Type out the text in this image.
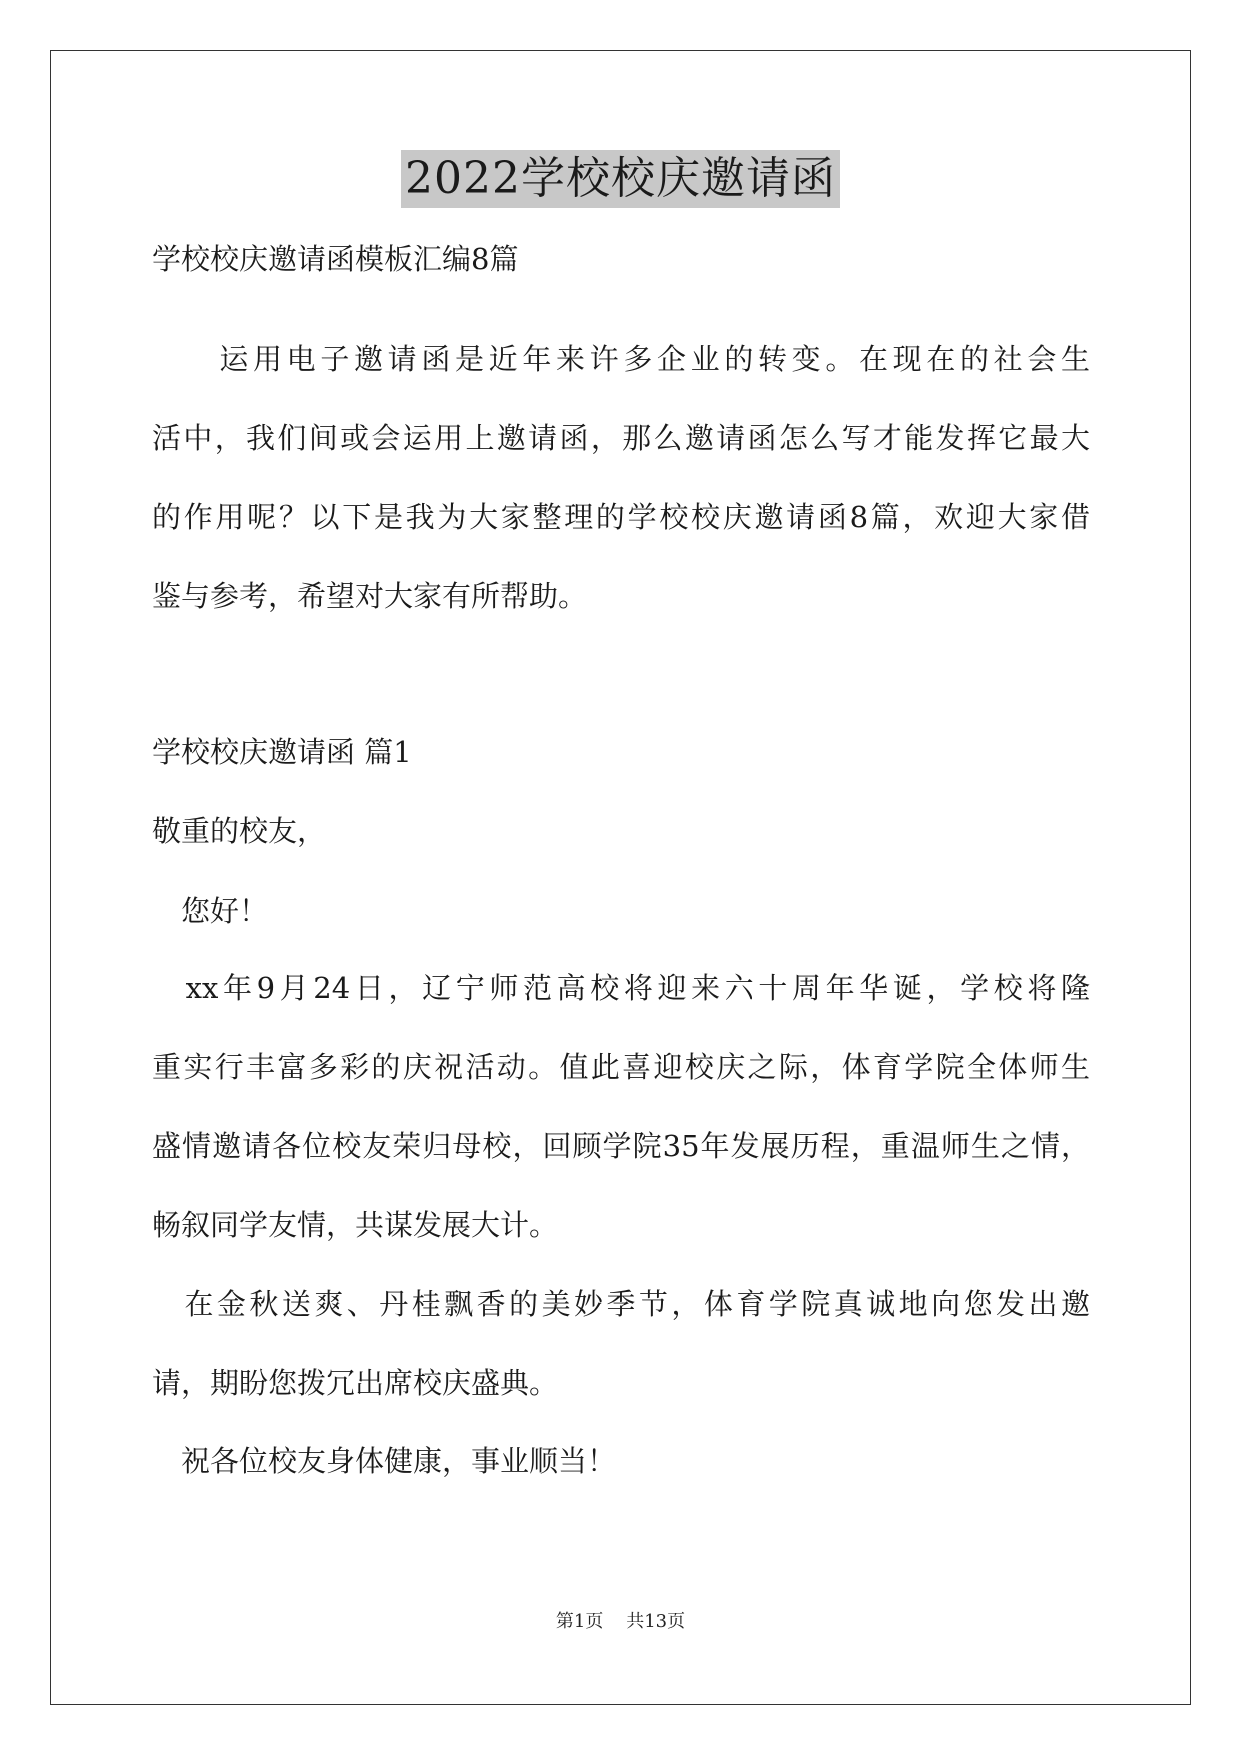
2022学校校庆邀请函
学校校庆邀请函模板汇编8篇
　　运用电子邀请函是近年来许多企业的转变。在现在的社会生
活中，我们间或会运用上邀请函，那么邀请函怎么写才能发挥它最大
的作用呢？以下是我为大家整理的学校校庆邀请函8篇，欢迎大家借
鉴与参考，希望对大家有所帮助。
学校校庆邀请函 篇1
敬重的校友，
　您好！
　xx年9月24日，辽宁师范高校将迎来六十周年华诞，学校将隆
重实行丰富多彩的庆祝活动。值此喜迎校庆之际，体育学院全体师生
盛情邀请各位校友荣归母校，回顾学院35年发展历程，重温师生之情，
畅叙同学友情，共谋发展大计。
　在金秋送爽、丹桂飘香的美妙季节，体育学院真诚地向您发出邀
请，期盼您拨冗出席校庆盛典。
　祝各位校友身体健康，事业顺当！
第1页 共13页
